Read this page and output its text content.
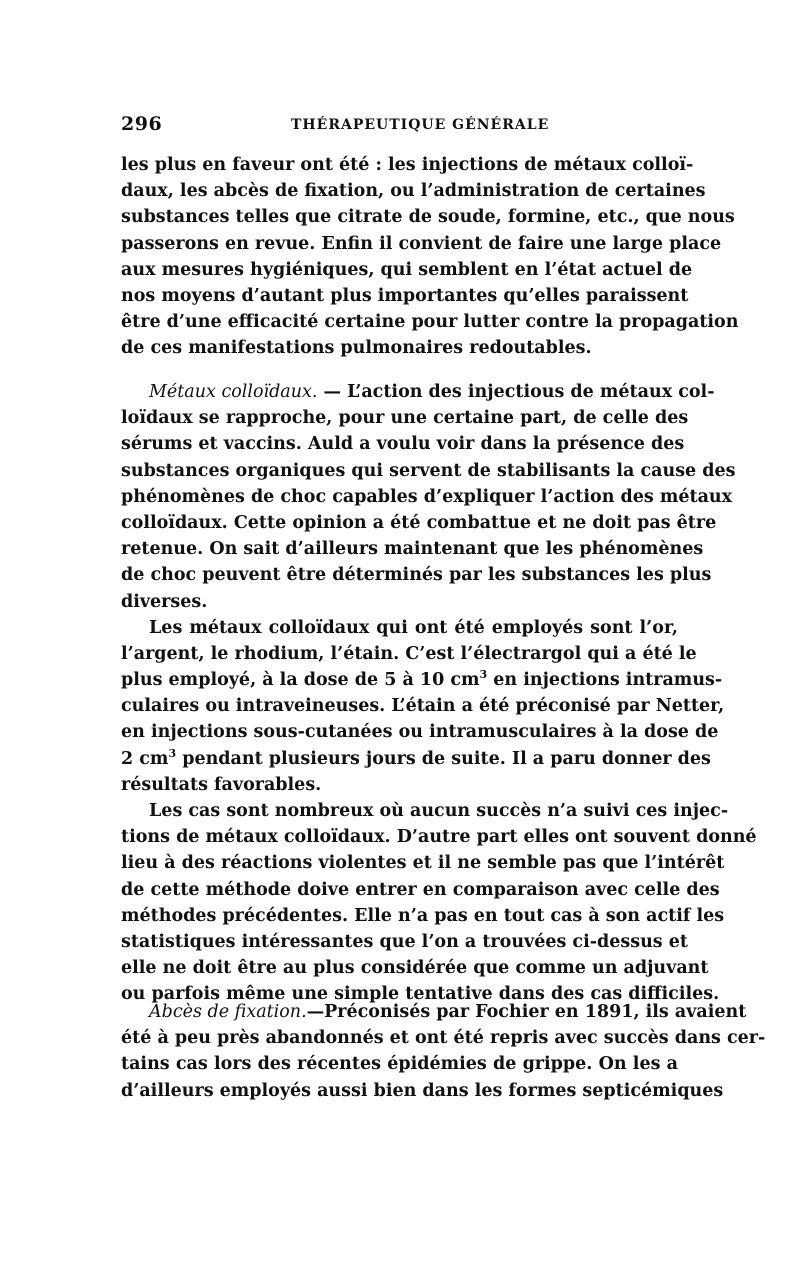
296	THÉRAPEUTIQUE GÉNÉRALE
les plus en faveur ont été : les injections de métaux colloï-
daux, les abcès de fixation, ou l’administration de certaines
substances telles que citrate de soude, formine, etc., que nous
passerons en revue. Enfin il convient de faire une large place
aux mesures hygiéniques, qui semblent en l’état actuel de
nos moyens d’autant plus importantes qu’elles paraissent
être d’une efficacité certaine pour lutter contre la propagation
de ces manifestations pulmonaires redoutables.
Métaux colloïdaux. — L’action des injectious de métaux col-
loïdaux se rapproche, pour une certaine part, de celle des
sérums et vaccins. Auld a voulu voir dans la présence des
substances organiques qui servent de stabilisants la cause des
phénomènes de choc capables d’expliquer l’action des métaux
colloïdaux. Cette opinion a été combattue et ne doit pas être
retenue. On sait d’ailleurs maintenant que les phénomènes
de choc peuvent être déterminés par les substances les plus
diverses.
Les métaux colloïdaux qui ont été employés sont l’or,
l’argent, le rhodium, l’étain. C’est l’électrargol qui a été le
plus employé, à la dose de 5 à 10 $cm^3$ en injections intramus-
culaires ou intraveineuses. L’étain a été préconisé par Netter,
en injections sous-cutanées ou intramusculaires à la dose de
2 $cm^3$ pendant plusieurs jours de suite. Il a paru donner des
résultats favorables.
Les cas sont nombreux où aucun succès n’a suivi ces injec-
tions de métaux colloïdaux. D’autre part elles ont souvent donné
lieu à des réactions violentes et il ne semble pas que l’intérêt
de cette méthode doive entrer en comparaison avec celle des
méthodes précédentes. Elle n’a pas en tout cas à son actif les
statistiques intéressantes que l’on a trouvées ci-dessus et
elle ne doit être au plus considérée que comme un adjuvant
ou parfois même une simple tentative dans des cas difficiles.
Abcès de fixation.—Préconisés par Fochier en 1891, ils avaient
été à peu près abandonnés et ont été repris avec succès dans cer-
tains cas lors des récentes épidémies de grippe. On les a
d’ailleurs employés aussi bien dans les formes septicémiques
